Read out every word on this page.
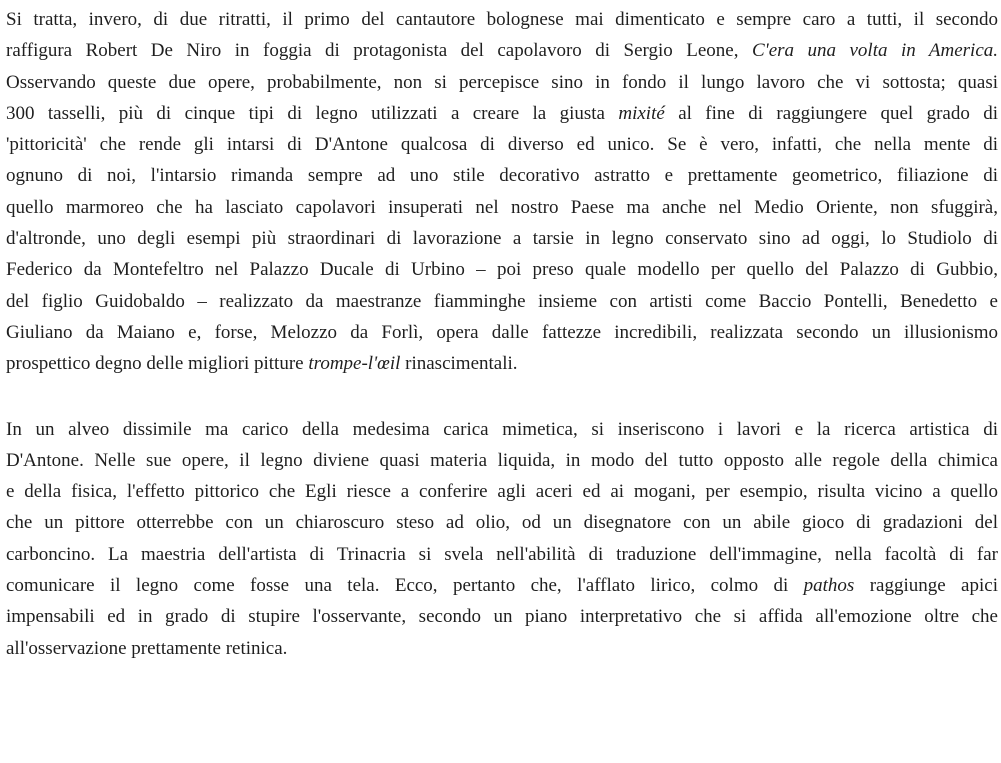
Si tratta, invero, di due ritratti, il primo del cantautore bolognese mai dimenticato e sempre caro a tutti, il secondo
raffigura Robert De Niro in foggia di protagonista del capolavoro di Sergio Leone, C'era una volta in America.
Osservando queste due opere, probabilmente, non si percepisce sino in fondo il lungo lavoro che vi sottosta; quasi
300 tasselli, più di cinque tipi di legno utilizzati a creare la giusta mixité al fine di raggiungere quel grado di
'pittoricità' che rende gli intarsi di D'Antone qualcosa di diverso ed unico. Se è vero, infatti, che nella mente di
ognuno di noi, l'intarsio rimanda sempre ad uno stile decorativo astratto e prettamente geometrico, filiazione di
quello marmoreo che ha lasciato capolavori insuperati nel nostro Paese ma anche nel Medio Oriente, non sfuggirà,
d'altronde, uno degli esempi più straordinari di lavorazione a tarsie in legno conservato sino ad oggi, lo Studiolo di
Federico da Montefeltro nel Palazzo Ducale di Urbino – poi preso quale modello per quello del Palazzo di Gubbio,
del figlio Guidobaldo – realizzato da maestranze fiamminghe insieme con artisti come Baccio Pontelli, Benedetto e
Giuliano da Maiano e, forse, Melozzo da Forlì, opera dalle fattezze incredibili, realizzata secondo un illusionismo
prospettico degno delle migliori pitture trompe-l'œil rinascimentali.
In un alveo dissimile ma carico della medesima carica mimetica, si inseriscono i lavori e la ricerca artistica di
D'Antone. Nelle sue opere, il legno diviene quasi materia liquida, in modo del tutto opposto alle regole della chimica
e della fisica, l'effetto pittorico che Egli riesce a conferire agli aceri ed ai mogani, per esempio, risulta vicino a quello
che un pittore otterrebbe con un chiaroscuro steso ad olio, od un disegnatore con un abile gioco di gradazioni del
carboncino. La maestria dell'artista di Trinacria si svela nell'abilità di traduzione dell'immagine, nella facoltà di far
comunicare il legno come fosse una tela. Ecco, pertanto che, l'afflato lirico, colmo di pathos raggiunge apici
impensabili ed in grado di stupire l'osservante, secondo un piano interpretativo che si affida all'emozione oltre che
all'osservazione prettamente retinica.
